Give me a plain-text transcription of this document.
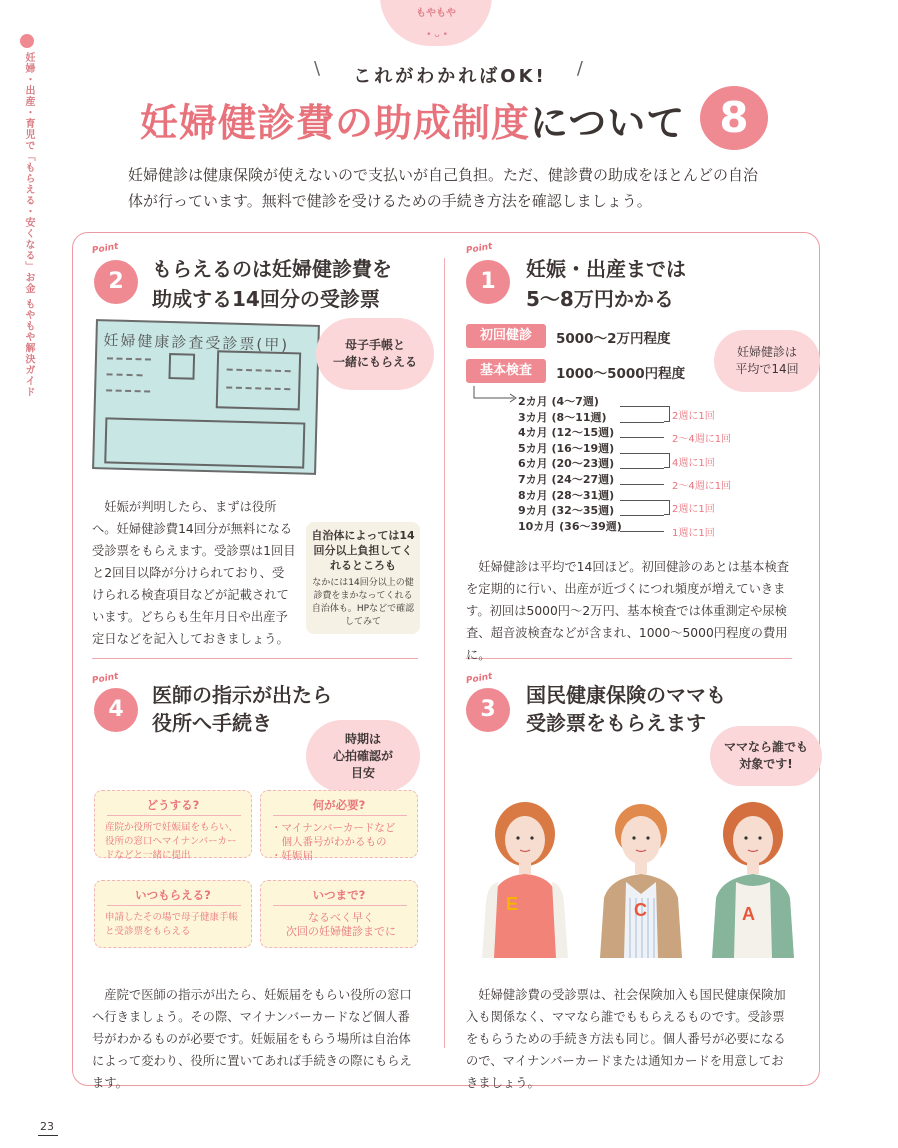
もやもや
• ᴗ •
妊婦・出産・育児で「もらえる・安くなる」お金 もやもや解決ガイド
\	これがわかればOK! /
妊婦健診費の助成制度について 8
妊婦健診は健康保険が使えないので支払いが自己負担。ただ、健診費の助成をほとんどの自治体が行っています。無料で健診を受けるための手続き方法を確認しましょう。
Point
2	もらえるのは妊婦健診費を
助成する14回分の受診票
妊婦健康診査受診票(甲)	母子手帳と
一緒にもらえる
妊娠が判明したら、まずは役所へ。妊婦健診費14回分が無料になる受診票をもらえます。受診票は1回目と2回目以降が分けられており、受けられる検査項目などが記載されています。どちらも生年月日や出産予定日などを記入しておきましょう。
自治体によっては14回分以上負担してくれるところも
なかには14回分以上の健診費をまかなってくれる自治体も。HPなどで確認してみて
Point
1	妊娠・出産までは
5〜8万円かかる
初回健診	5000〜2万円程度
基本検査	1000〜5000円程度
妊婦健診は
平均で14回
2カ月 (4〜7週)
3カ月 (8〜11週)
4カ月 (12〜15週)
5カ月 (16〜19週)
6カ月 (20〜23週)
7カ月 (24〜27週)
8カ月 (28〜31週)
9カ月 (32〜35週)
10カ月 (36〜39週)
2週に1回
2〜4週に1回
4週に1回
2〜4週に1回
2週に1回
1週に1回
妊婦健診は平均で14回ほど。初回健診のあとは基本検査を定期的に行い、出産が近づくにつれ頻度が増えていきます。初回は5000円〜2万円、基本検査では体重測定や尿検査、超音波検査などが含まれ、1000〜5000円程度の費用に。
Point
4
医師の指示が出たら
役所へ手続き
時期は
心拍確認が
目安
どうする?
産院か役所で妊娠届をもらい、役所の窓口へマイナンバーカードなどと一緒に提出
何が必要?
・マイナンバーカードなど
　個人番号がわかるもの
・妊娠届
いつもらえる?
申請したその場で母子健康手帳と受診票をもらえる
いつまで?
なるべく早く
次回の妊婦健診までに
産院で医師の指示が出たら、妊娠届をもらい役所の窓口へ行きましょう。その際、マイナンバーカードなど個人番号がわかるものが必要です。妊娠届をもらう場所は自治体によって変わり、役所に置いてあれば手続きの際にもらえます。
Point
3
国民健康保険のママも
受診票をもらえます
ママなら誰でも
対象です!
E	C	A
妊婦健診費の受診票は、社会保険加入も国民健康保険加入も関係なく、ママなら誰でももらえるものです。受診票をもらうための手続き方法も同じ。個人番号が必要になるので、マイナンバーカードまたは通知カードを用意しておきましょう。
23
